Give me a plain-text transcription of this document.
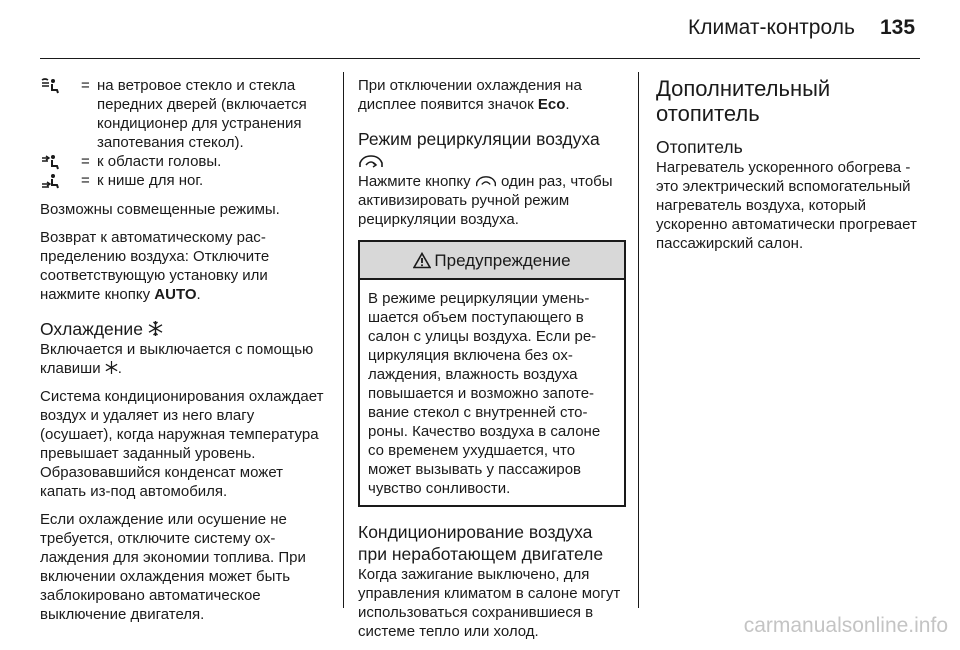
Климат-контроль 135
= на ветровое стекло и стекла передних дверей (включается кондиционер для устранения запотевания стекол).
= к области головы.
= к нише для ног.

Возможны совмещенные режимы.

Возврат к автоматическому распределению воздуха: Отключите соответствующую установку или нажмите кнопку AUTO.

Охлаждение

Включается и выключается с помощью клавиши .

Система кондиционирования охлаждает воздух и удаляет из него влагу (осушает), когда наружная температура превышает заданный уровень. Образовавшийся конденсат может капать из-под автомобиля.

Если охлаждение или осушение не требуется, отключите систему охлаждения для экономии топлива. При включении охлаждения может быть заблокировано автоматическое выключение двигателя.

При отключении охлаждения на дисплее появится значок Eco.

Режим рециркуляции воздуха

Нажмите кнопку  один раз, чтобы активизировать ручной режим рециркуляции воздуха.

Предупреждение

В режиме рециркуляции уменьшается объем поступающего в салон с улицы воздуха. Если рециркуляция включена без охлаждения, влажность воздуха повышается и возможно запотевание стекол с внутренней стороны. Качество воздуха в салоне со временем ухудшается, что может вызывать у пассажиров чувство сонливости.

Кондиционирование воздуха при неработающем двигателе

Когда зажигание выключено, для управления климатом в салоне могут использоваться сохранившиеся в системе тепло или холод.

Дополнительный отопитель
Отопитель

Нагреватель ускоренного обогрева - это электрический вспомогательный нагреватель воздуха, который ускоренно автоматически прогревает пассажирский салон.

carmanualsonline.info
